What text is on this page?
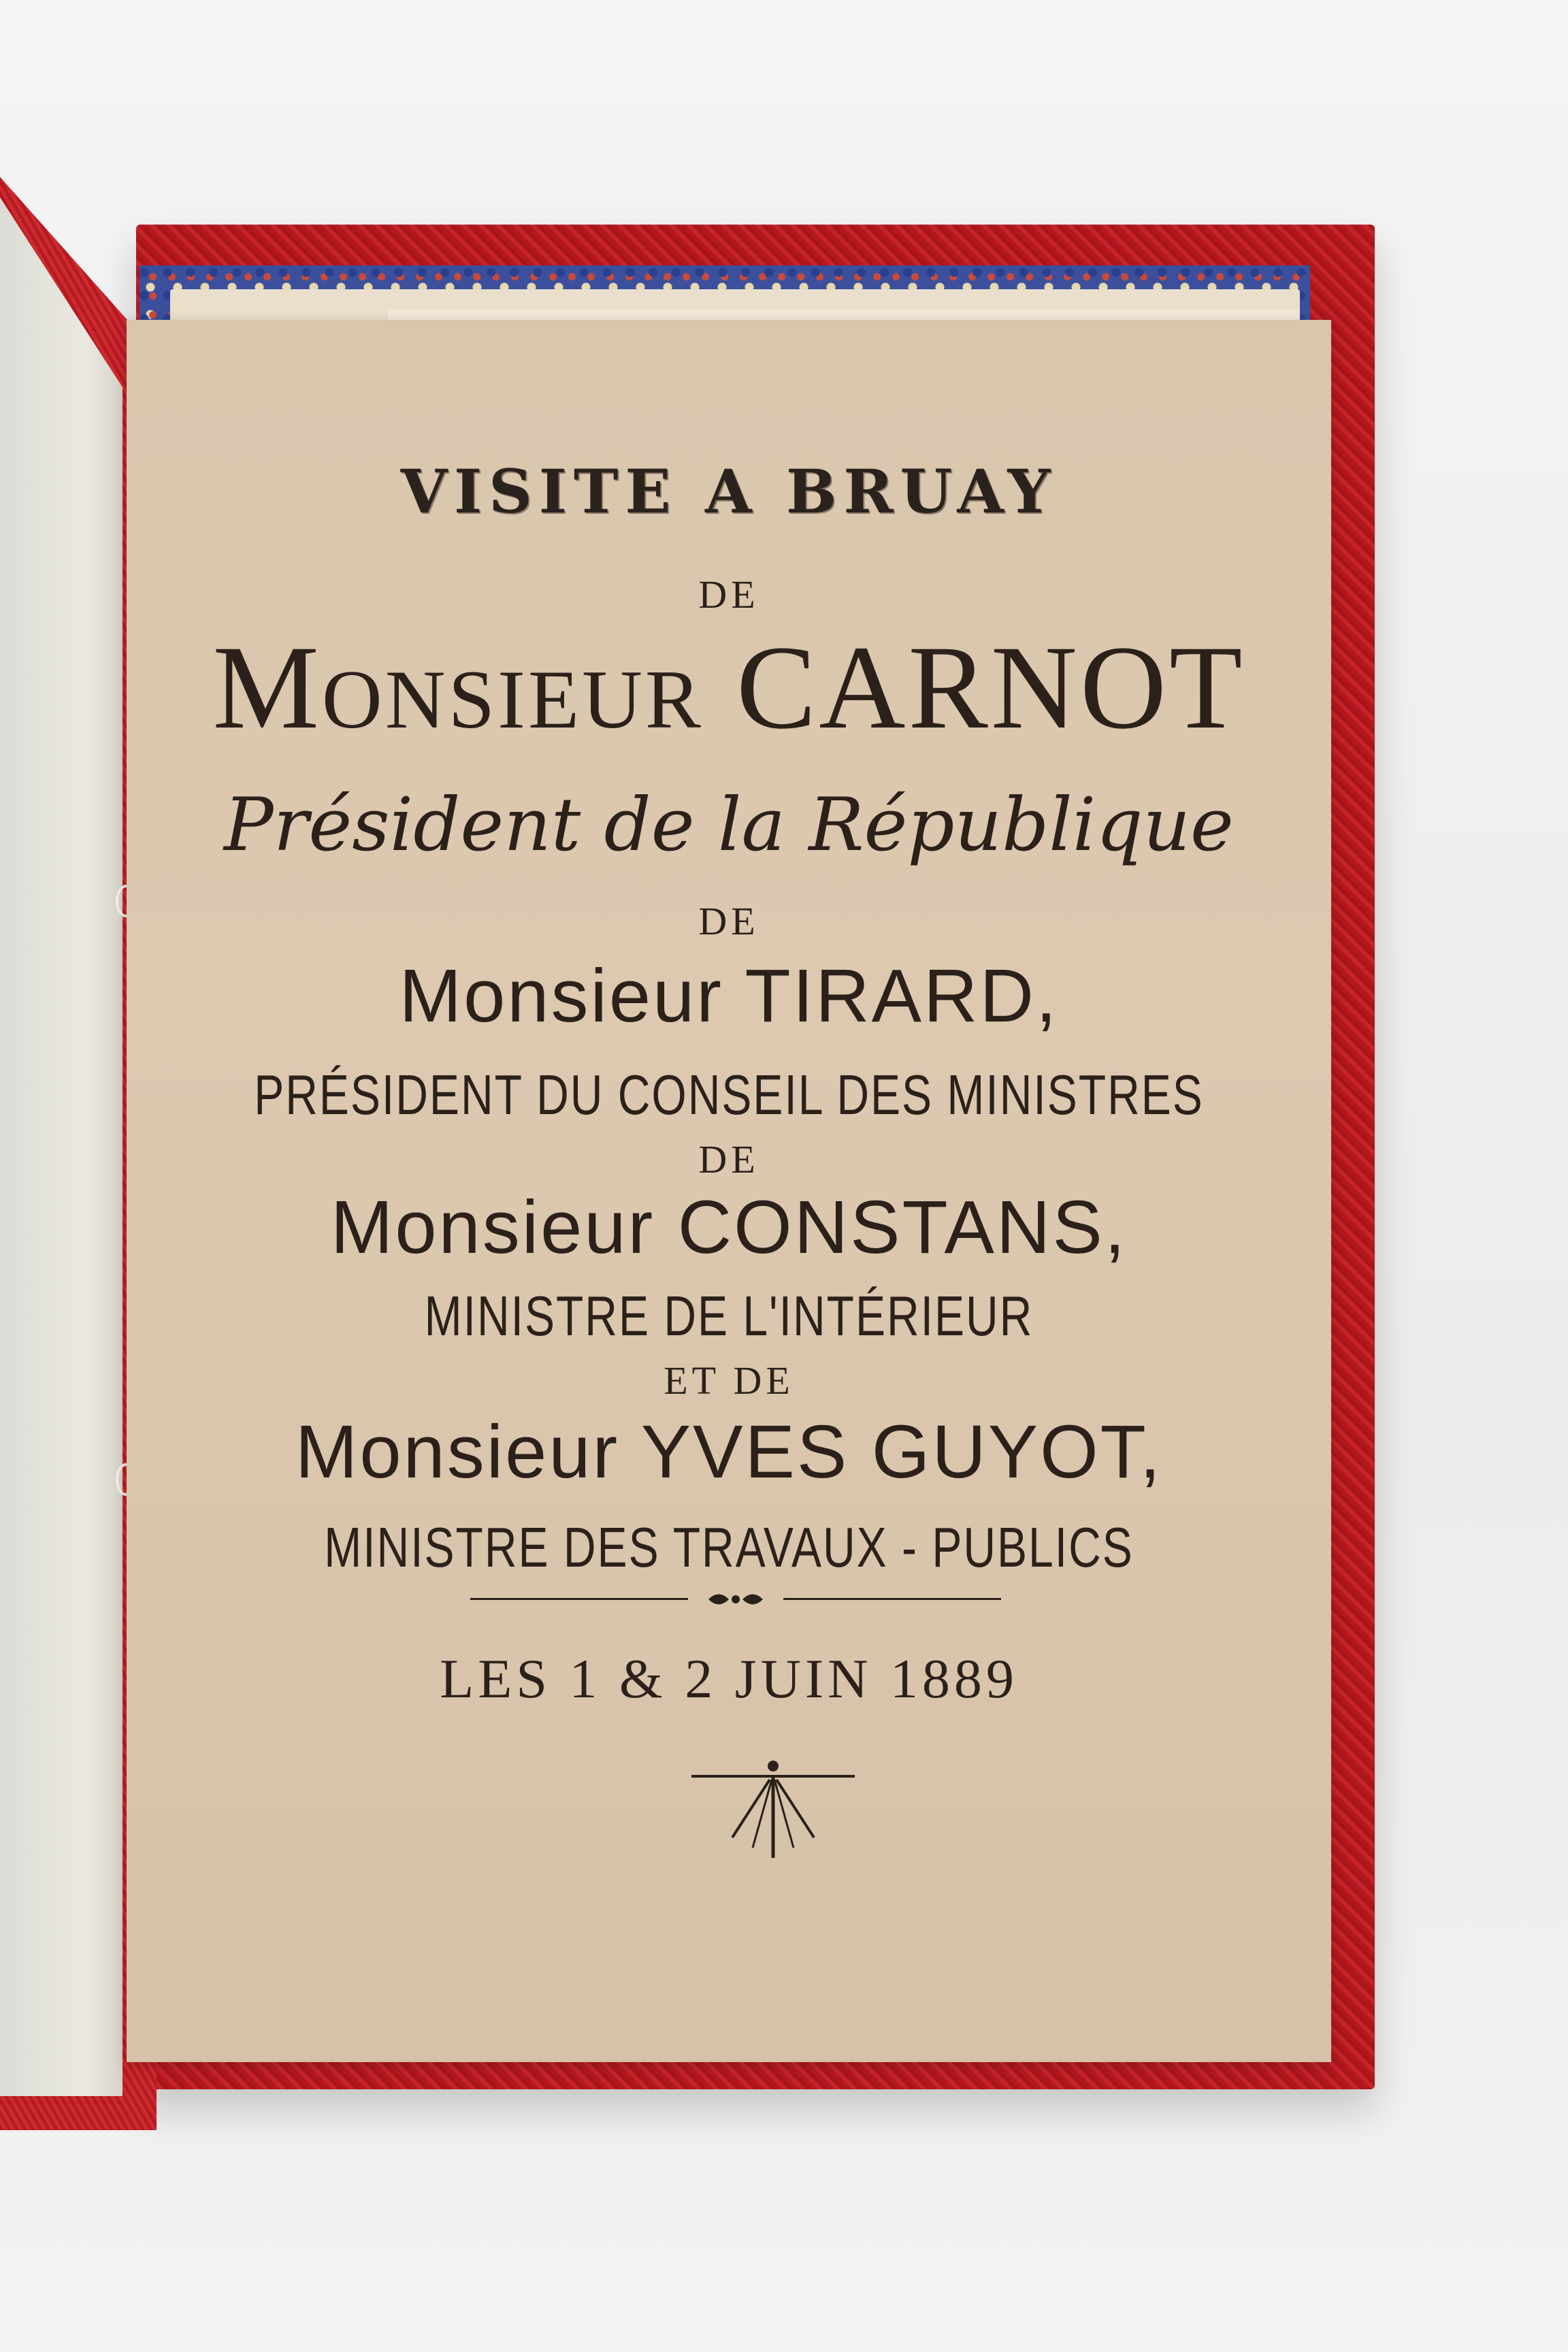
VISITE A BRUAY
DE
Monsieur CARNOT
Président de la République
DE
Monsieur TIRARD,
PRÉSIDENT DU CONSEIL DES MINISTRES
DE
Monsieur CONSTANS,
MINISTRE DE L'INTÉRIEUR
ET DE
Monsieur YVES GUYOT,
MINISTRE DES TRAVAUX - PUBLICS
LES 1 & 2 JUIN 1889
